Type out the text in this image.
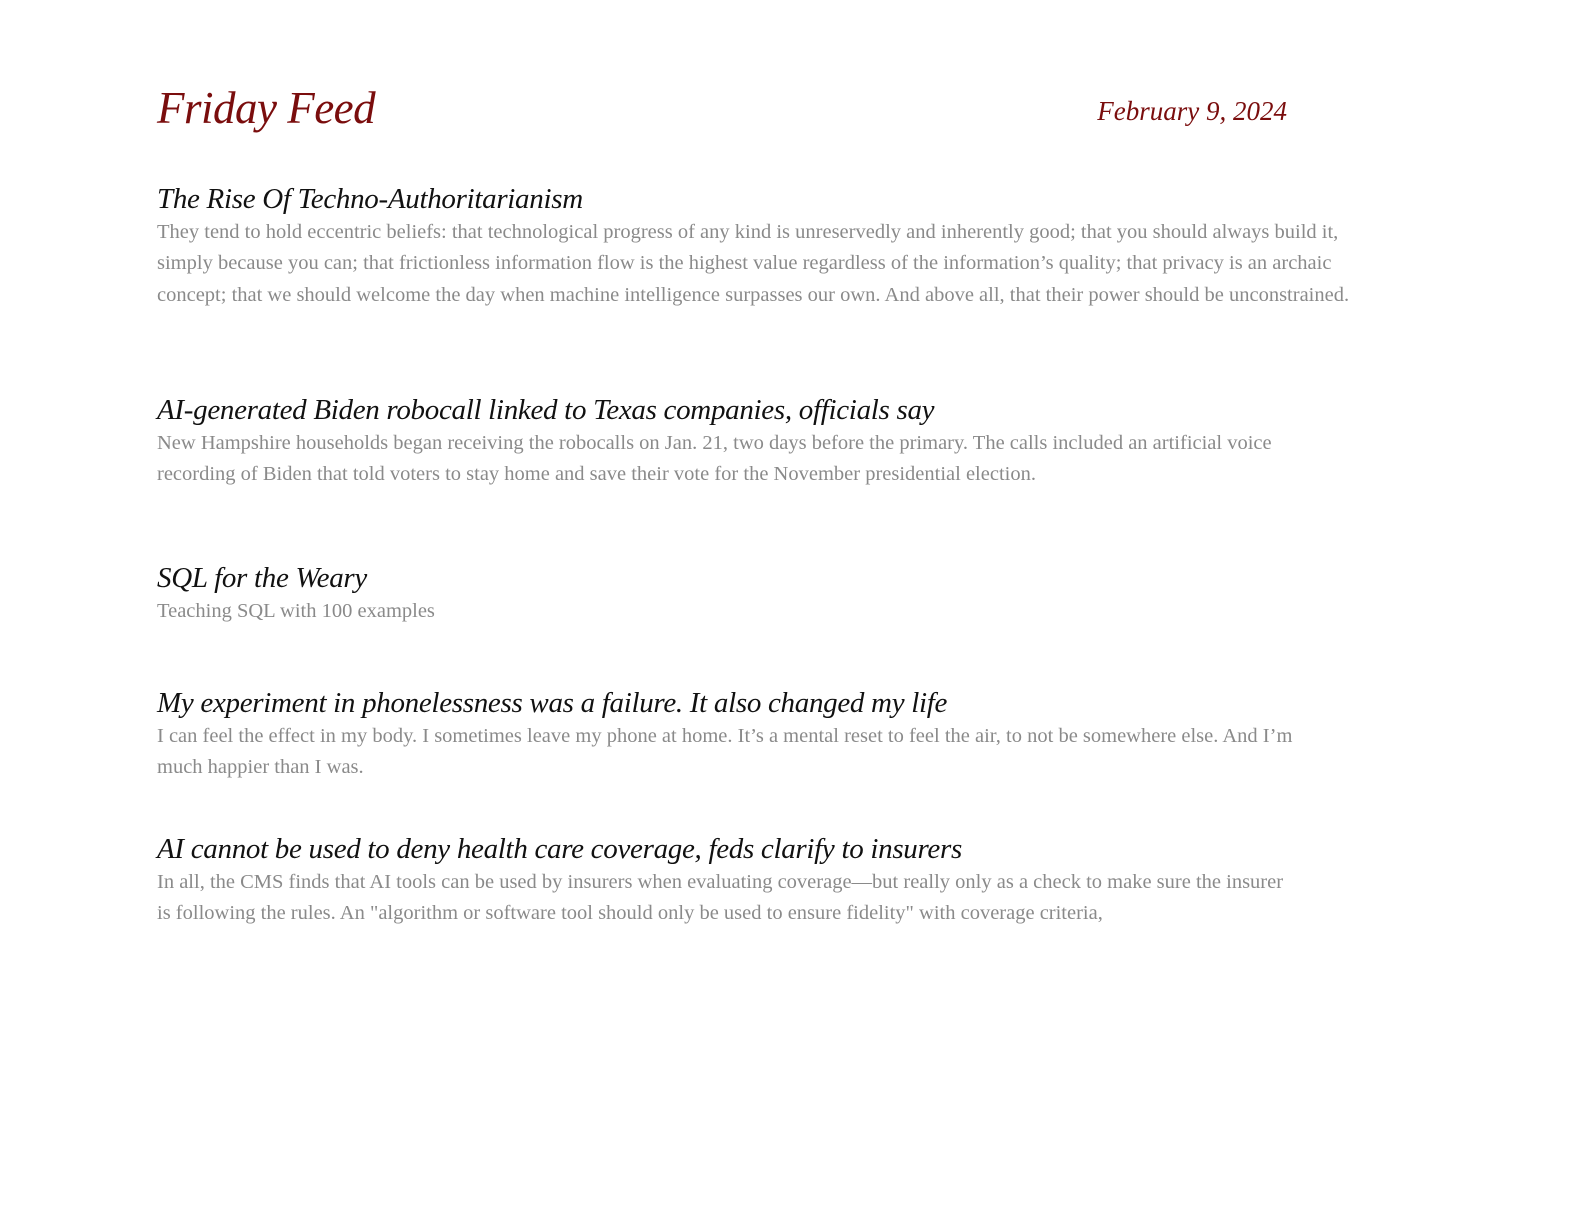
Friday Feed	February 9, 2024
The Rise Of Techno-Authoritarianism

They tend to hold eccentric beliefs: that technological progress of any kind is unreservedly and inherently good; that you should always build it, simply because you can; that frictionless information flow is the highest value regardless of the information’s quality; that privacy is an archaic concept; that we should welcome the day when machine intelligence surpasses our own. And above all, that their power should be unconstrained.

AI-generated Biden robocall linked to Texas companies, officials say

New Hampshire households began receiving the robocalls on Jan. 21, two days before the primary. The calls included an artificial voice recording of Biden that told voters to stay home and save their vote for the November presidential election.

SQL for the Weary

Teaching SQL with 100 examples

My experiment in phonelessness was a failure. It also changed my life

I can feel the effect in my body. I sometimes leave my phone at home. It’s a mental reset to feel the air, to not be somewhere else. And I’m much happier than I was.

AI cannot be used to deny health care coverage, feds clarify to insurers

In all, the CMS finds that AI tools can be used by insurers when evaluating coverage—but really only as a check to make sure the insurer is following the rules. An "algorithm or software tool should only be used to ensure fidelity" with coverage criteria,
